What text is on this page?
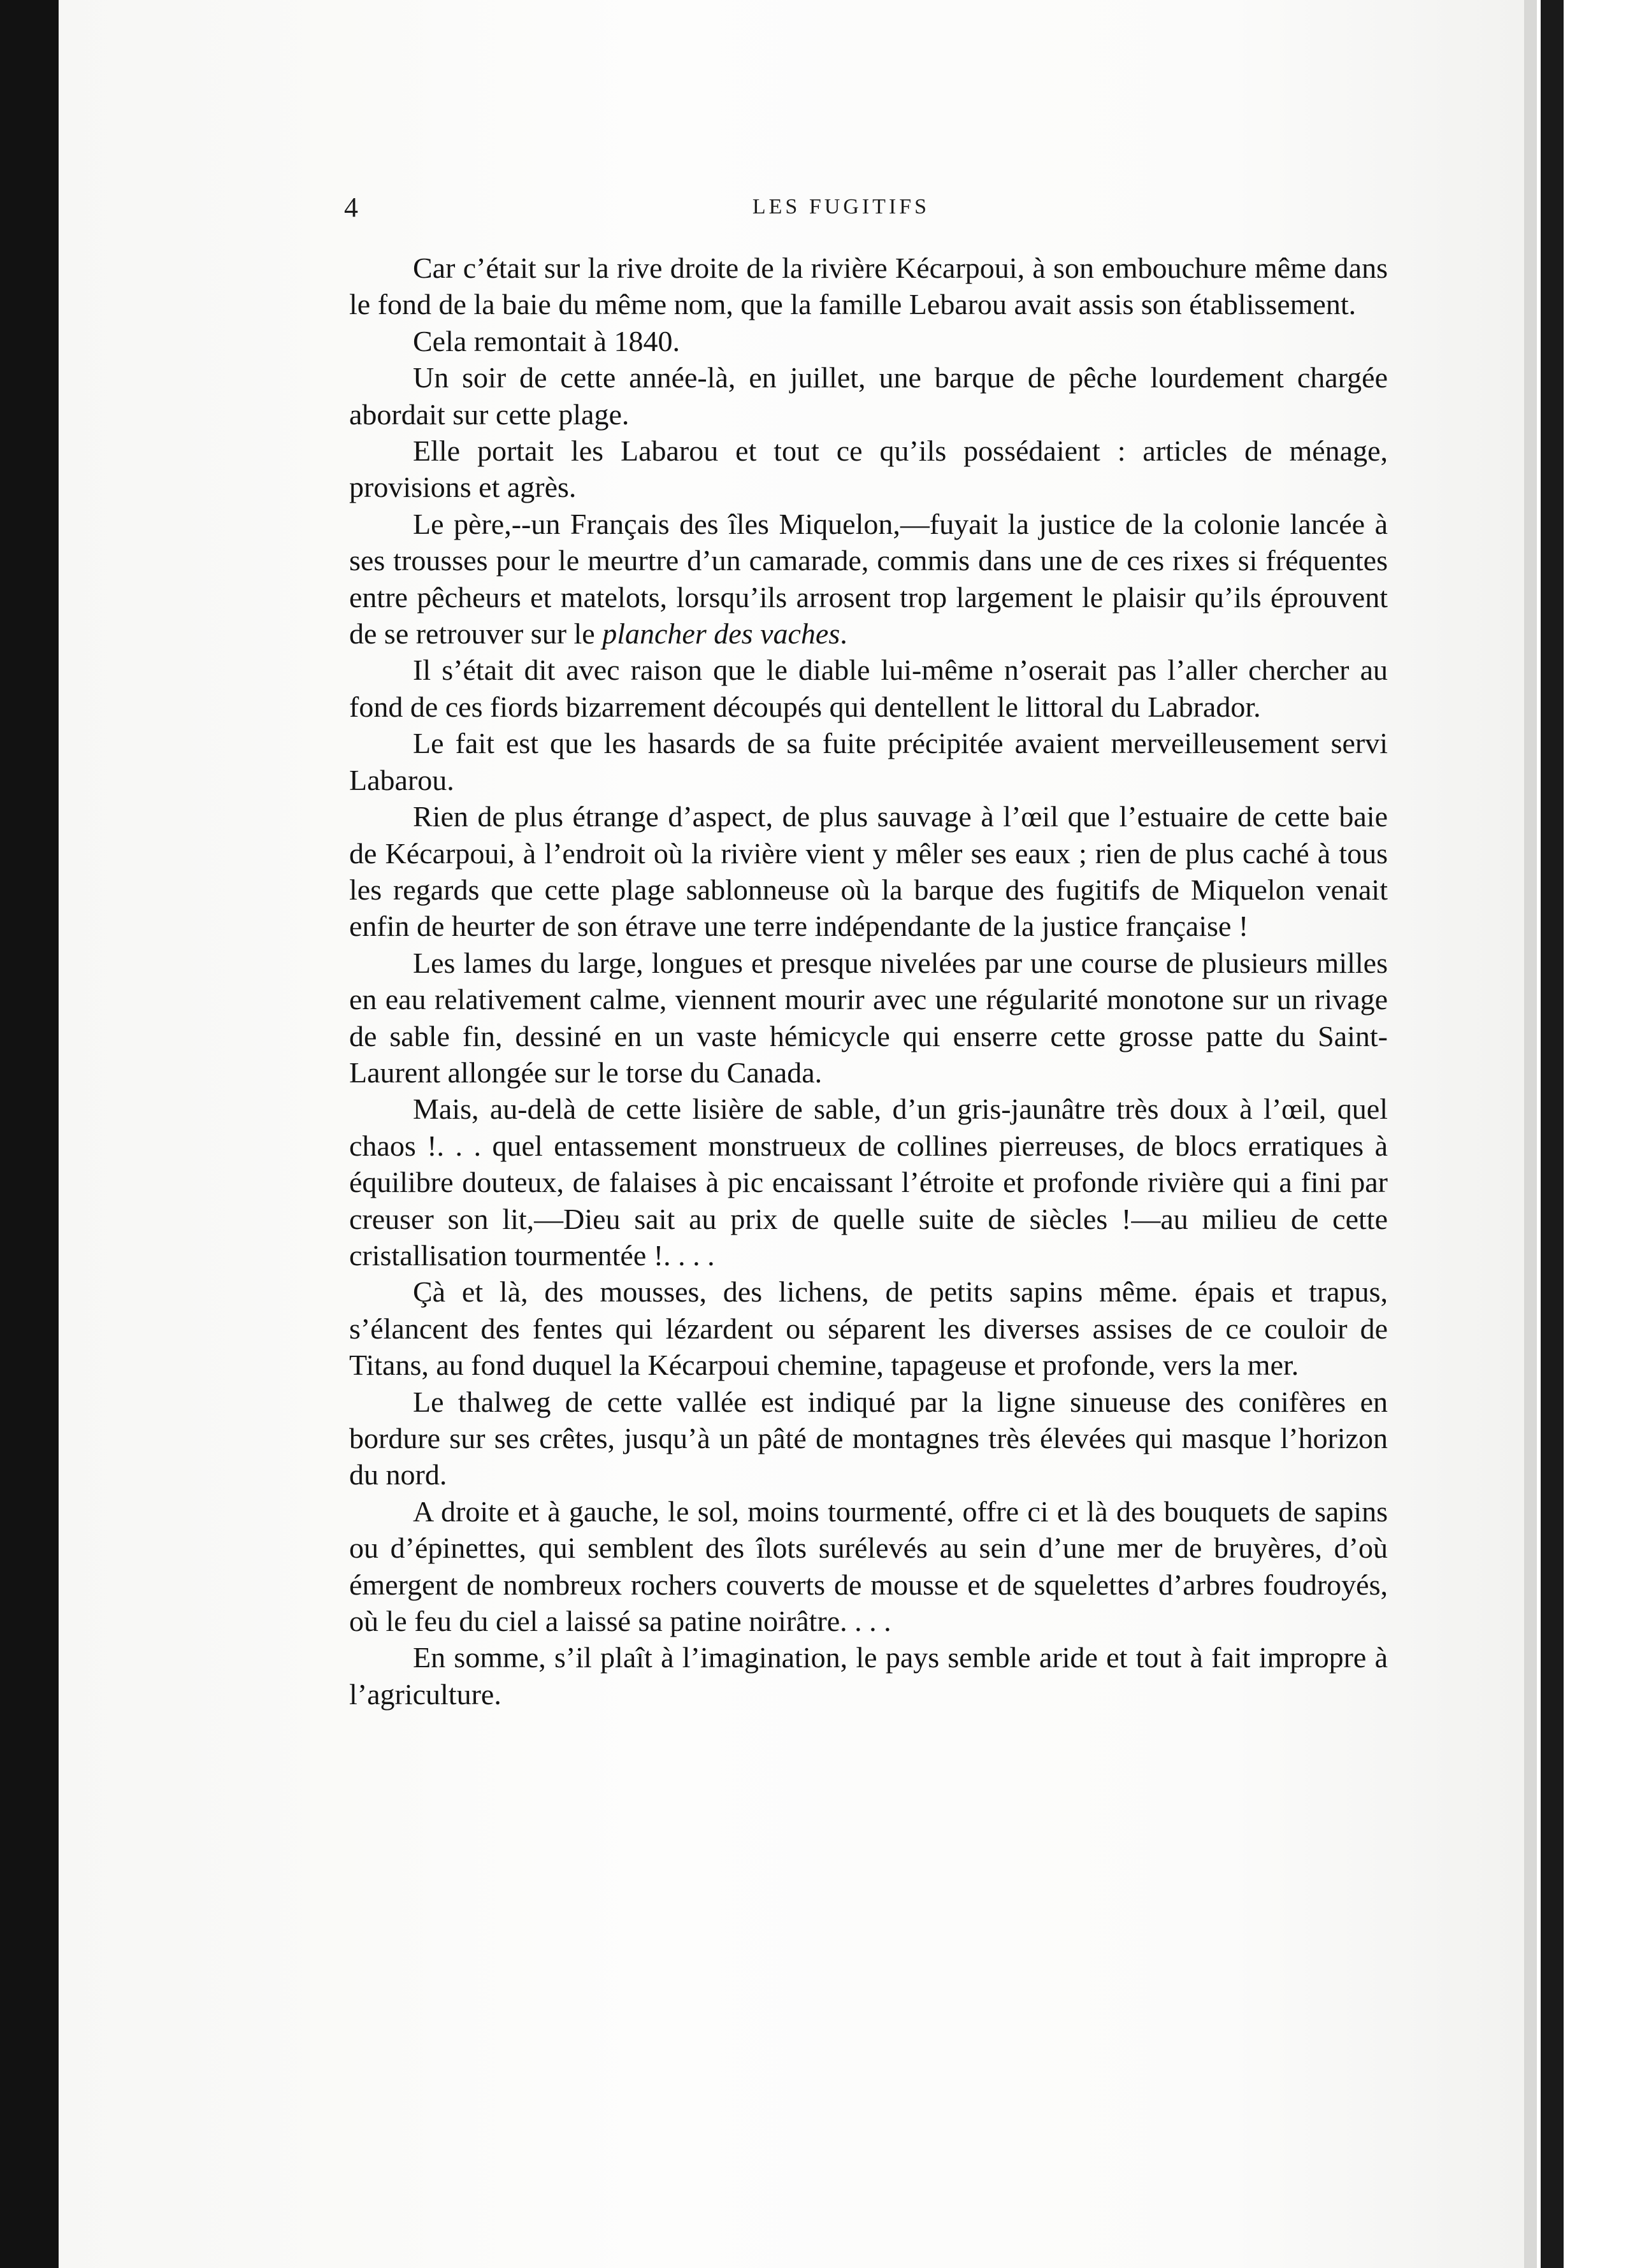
4	LES FUGITIFS

Car c’était sur la rive droite de la rivière Kécarpoui, à son embouchure même dans le fond de la baie du même nom, que la famille Lebarou avait assis son établissement.

Cela remontait à 1840.

Un soir de cette année-là, en juillet, une barque de pêche lourdement chargée abordait sur cette plage.

Elle portait les Labarou et tout ce qu’ils possédaient : articles de ménage, provisions et agrès.

Le père,--un Français des îles Miquelon,—fuyait la justice de la colonie lancée à ses trousses pour le meurtre d’un camarade, commis dans une de ces rixes si fréquentes entre pêcheurs et matelots, lorsqu’ils arrosent trop largement le plaisir qu’ils éprouvent de se retrouver sur le plancher des vaches.

Il s’était dit avec raison que le diable lui-même n’oserait pas l’aller chercher au fond de ces fiords bizarrement découpés qui dentellent le littoral du Labrador.

Le fait est que les hasards de sa fuite précipitée avaient merveilleusement servi Labarou.

Rien de plus étrange d’aspect, de plus sauvage à l’œil que l’estuaire de cette baie de Kécarpoui, à l’endroit où la rivière vient y mêler ses eaux ; rien de plus caché à tous les regards que cette plage sablonneuse où la barque des fugitifs de Miquelon venait enfin de heurter de son étrave une terre indépendante de la justice française !

Les lames du large, longues et presque nivelées par une course de plusieurs milles en eau relativement calme, viennent mourir avec une régularité monotone sur un rivage de sable fin, dessiné en un vaste hémicycle qui enserre cette grosse patte du Saint-Laurent allongée sur le torse du Canada.

Mais, au-delà de cette lisière de sable, d’un gris-jaunâtre très doux à l’œil, quel chaos !. . . quel entassement monstrueux de collines pierreuses, de blocs erratiques à équilibre douteux, de falaises à pic encaissant l’étroite et profonde rivière qui a fini par creuser son lit,—Dieu sait au prix de quelle suite de siècles !—au milieu de cette cristallisation tourmentée !. . . .

Çà et là, des mousses, des lichens, de petits sapins même. épais et trapus, s’élancent des fentes qui lézardent ou séparent les diverses assises de ce couloir de Titans, au fond duquel la Kécarpoui chemine, tapageuse et profonde, vers la mer.

Le thalweg de cette vallée est indiqué par la ligne sinueuse des conifères en bordure sur ses crêtes, jusqu’à un pâté de montagnes très élevées qui masque l’horizon du nord.

A droite et à gauche, le sol, moins tourmenté, offre ci et là des bouquets de sapins ou d’épinettes, qui semblent des îlots surélevés au sein d’une mer de bruyères, d’où émergent de nombreux rochers couverts de mousse et de squelettes d’arbres foudroyés, où le feu du ciel a laissé sa patine noirâtre. . . .

En somme, s’il plaît à l’imagination, le pays semble aride et tout à fait impropre à l’agriculture.
